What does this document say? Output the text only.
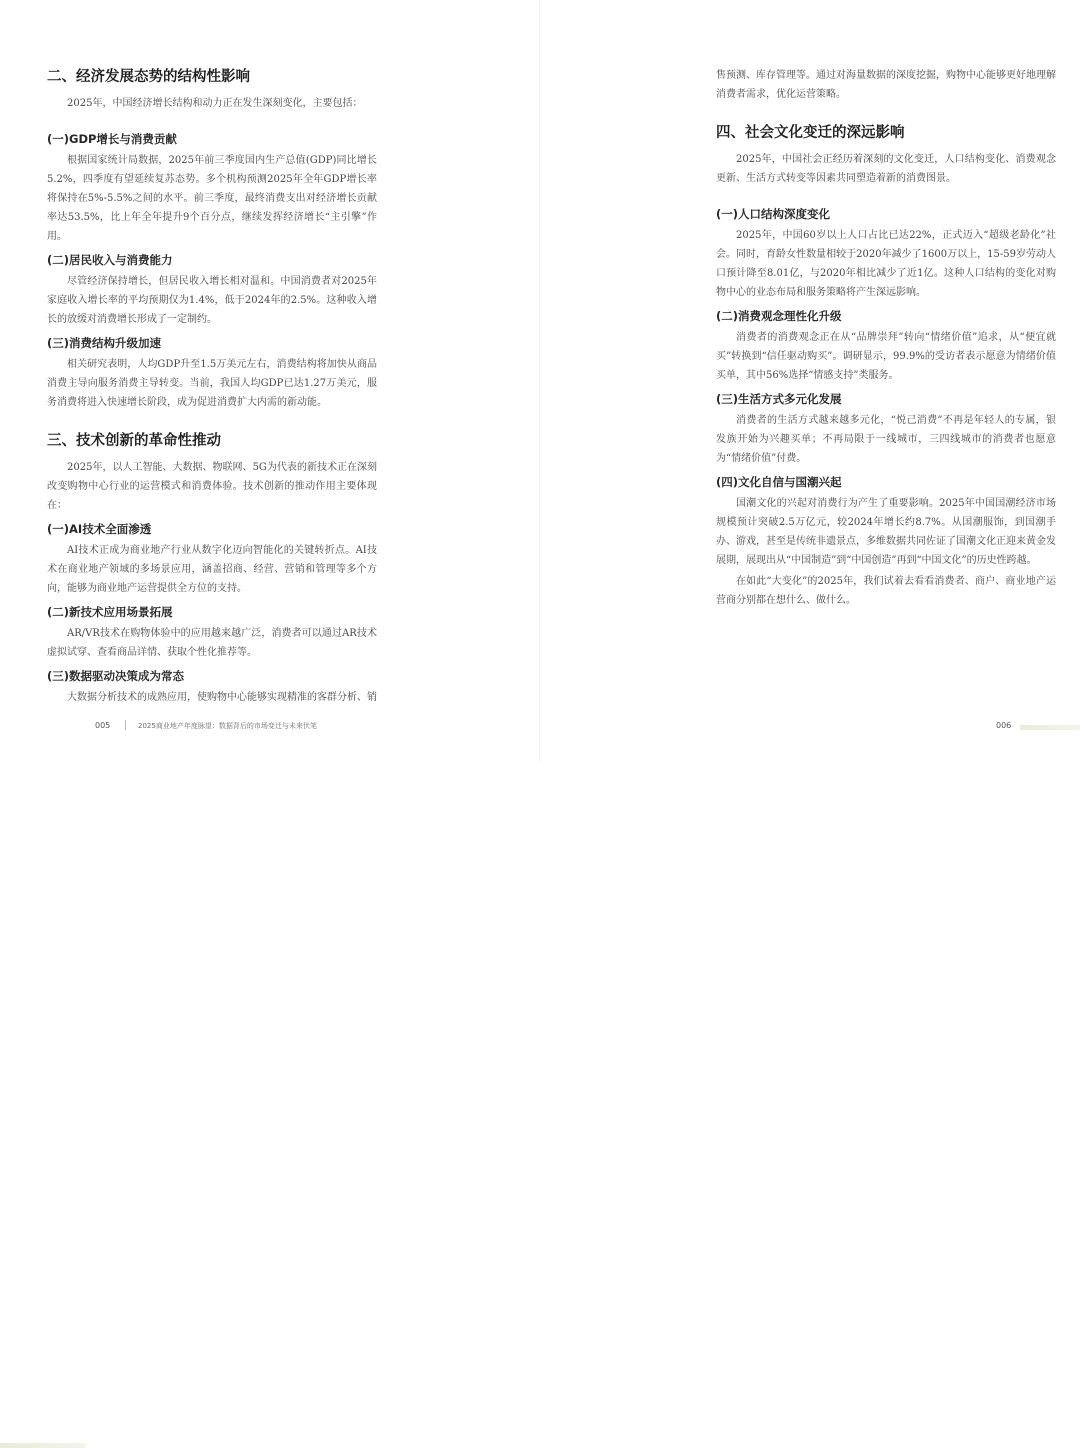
二、经济发展态势的结构性影响

2025年，中国经济增长结构和动力正在发生深刻变化，主要包括：

(一)GDP增长与消费贡献

根据国家统计局数据，2025年前三季度国内生产总值(GDP)同比增长5.2%，四季度有望延续复苏态势。多个机构预测2025年全年GDP增长率将保持在5%-5.5%之间的水平。前三季度，最终消费支出对经济增长贡献率达53.5%，比上年全年提升9个百分点，继续发挥经济增长“主引擎”作用。

(二)居民收入与消费能力

尽管经济保持增长，但居民收入增长相对温和。中国消费者对2025年家庭收入增长率的平均预期仅为1.4%，低于2024年的2.5%。这种收入增长的放缓对消费增长形成了一定制约。

(三)消费结构升级加速

相关研究表明，人均GDP升至1.5万美元左右，消费结构将加快从商品消费主导向服务消费主导转变。当前，我国人均GDP已达1.27万美元，服务消费将进入快速增长阶段，成为促进消费扩大内需的新动能。

三、技术创新的革命性推动

2025年，以人工智能、大数据、物联网、5G为代表的新技术正在深刻改变购物中心行业的运营模式和消费体验。技术创新的推动作用主要体现在：

(一)AI技术全面渗透

AI技术正成为商业地产行业从数字化迈向智能化的关键转折点。AI技术在商业地产领域的多场景应用，涵盖招商、经营、营销和管理等多个方向，能够为商业地产运营提供全方位的支持。

(二)新技术应用场景拓展

AR/VR技术在购物体验中的应用越来越广泛，消费者可以通过AR技术虚拟试穿、查看商品详情、获取个性化推荐等。

(三)数据驱动决策成为常态

大数据分析技术的成熟应用，使购物中心能够实现精准的客群分析、销

售预测、库存管理等。通过对海量数据的深度挖掘，购物中心能够更好地理解消费者需求，优化运营策略。

四、社会文化变迁的深远影响

2025年，中国社会正经历着深刻的文化变迁，人口结构变化、消费观念更新、生活方式转变等因素共同塑造着新的消费图景。

(一)人口结构深度变化

2025年，中国60岁以上人口占比已达22%，正式迈入“超级老龄化”社会。同时，育龄女性数量相较于2020年减少了1600万以上，15-59岁劳动人口预计降至8.01亿，与2020年相比减少了近1亿。这种人口结构的变化对购物中心的业态布局和服务策略将产生深远影响。

(二)消费观念理性化升级

消费者的消费观念正在从“品牌崇拜”转向“情绪价值”追求，从“便宜就买”转换到“信任驱动购买”。调研显示，99.9%的受访者表示愿意为情绪价值买单，其中56%选择“情感支持”类服务。

(三)生活方式多元化发展

消费者的生活方式越来越多元化，“悦己消费”不再是年轻人的专属，银发族开始为兴趣买单；不再局限于一线城市，三四线城市的消费者也愿意为“情绪价值”付费。

(四)文化自信与国潮兴起

国潮文化的兴起对消费行为产生了重要影响。2025年中国国潮经济市场规模预计突破2.5万亿元，较2024年增长约8.7%。从国潮服饰，到国潮手办、游戏，甚至是传统非遗景点，多维数据共同佐证了国潮文化正迎来黄金发展期，展现出从“中国制造”到“中国创造”再到“中国文化”的历史性跨越。

在如此“大变化”的2025年，我们试着去看看消费者、商户、商业地产运营商分别都在想什么、做什么。

005	2025商业地产年度脉望：数据背后的市场变迁与未来伏笔	006
